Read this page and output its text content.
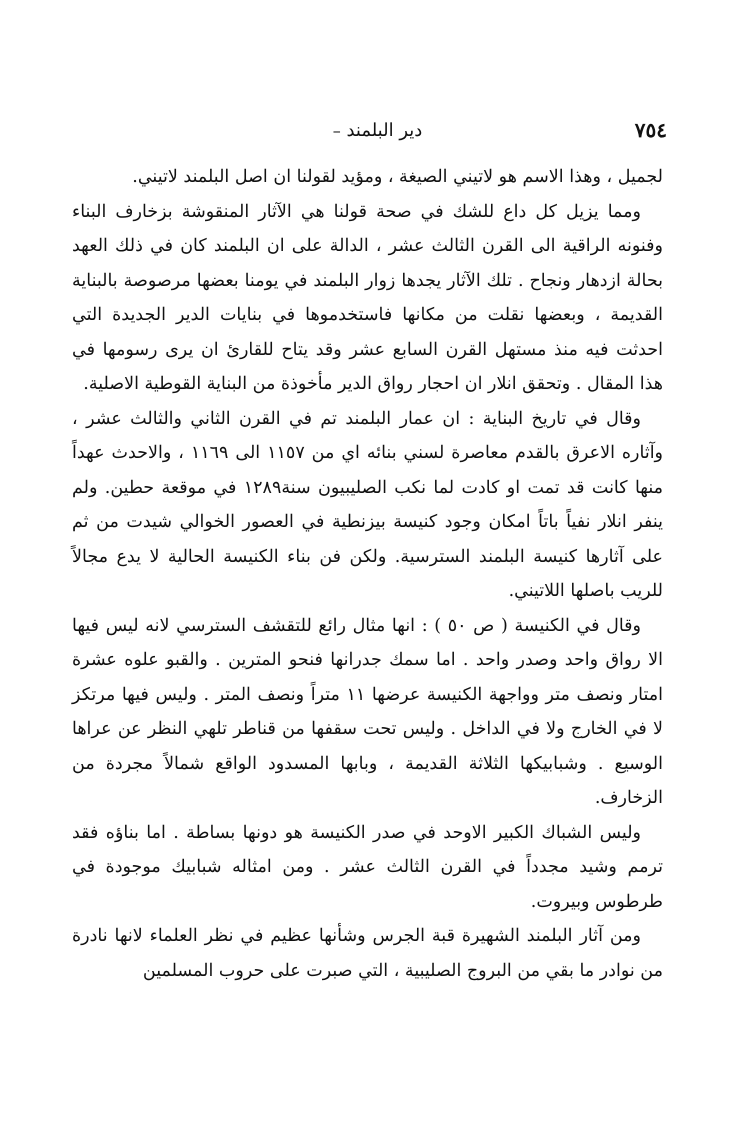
٧٥٤
دير البلمند –

لجميل ، وهذا الاسم هو لاتيني الصيغة ، ومؤيد لقولنا ان اصل البلمند لاتيني.

ومما يزيل كل داع للشك في صحة قولنا هي الآثار المنقوشة بزخارف البناء وفنونه الراقية الى القرن الثالث عشر ، الدالة على ان البلمند كان في ذلك العهد بحالة ازدهار ونجاح . تلك الآثار يجدها زوار البلمند في يومنا بعضها مرصوصة بالبناية القديمة ، وبعضها نقلت من مكانها فاستخدموها في بنايات الدير الجديدة التي احدثت فيه منذ مستهل القرن السابع عشر وقد يتاح للقارئ ان يرى رسومها في هذا المقال . وتحقق انلار ان احجار رواق الدير مأخوذة من البناية القوطية الاصلية.

وقال في تاريخ البناية : ان عمار البلمند تم في القرن الثاني والثالث عشر ، وآثاره الاعرق بالقدم معاصرة لسني بنائه اي من ١١٥٧ الى ١١٦٩ ، والاحدث عهداً منها كانت قد تمت او كادت لما نكب الصليبيون سنة١٢٨٩ في موقعة حطين. ولم ينفر انلار نفياً باتاً امكان وجود كنيسة بيزنطية في العصور الخوالي شيدت من ثم على آثارها كنيسة البلمند السترسية. ولكن فن بناء الكنيسة الحالية لا يدع مجالاً للريب باصلها اللاتيني.

وقال في الكنيسة ( ص ٥٠ ) : انها مثال رائع للتقشف السترسي لانه ليس فيها الا رواق واحد وصدر واحد . اما سمك جدرانها فنحو المترين . والقبو علوه عشرة امتار ونصف متر وواجهة الكنيسة عرضها ١١ متراً ونصف المتر . وليس فيها مرتكز لا في الخارج ولا في الداخل . وليس تحت سقفها من قناطر تلهي النظر عن عراها الوسيع . وشبابيكها الثلاثة القديمة ، وبابها المسدود الواقع شمالاً مجردة من الزخارف.

وليس الشباك الكبير الاوحد في صدر الكنيسة هو دونها بساطة . اما بناؤه فقد ترمم وشيد مجدداً في القرن الثالث عشر . ومن امثاله شبابيك موجودة في طرطوس وبيروت.

ومن آثار البلمند الشهيرة قبة الجرس وشأنها عظيم في نظر العلماء لانها نادرة من نوادر ما بقي من البروج الصليبية ، التي صبرت على حروب المسلمين
